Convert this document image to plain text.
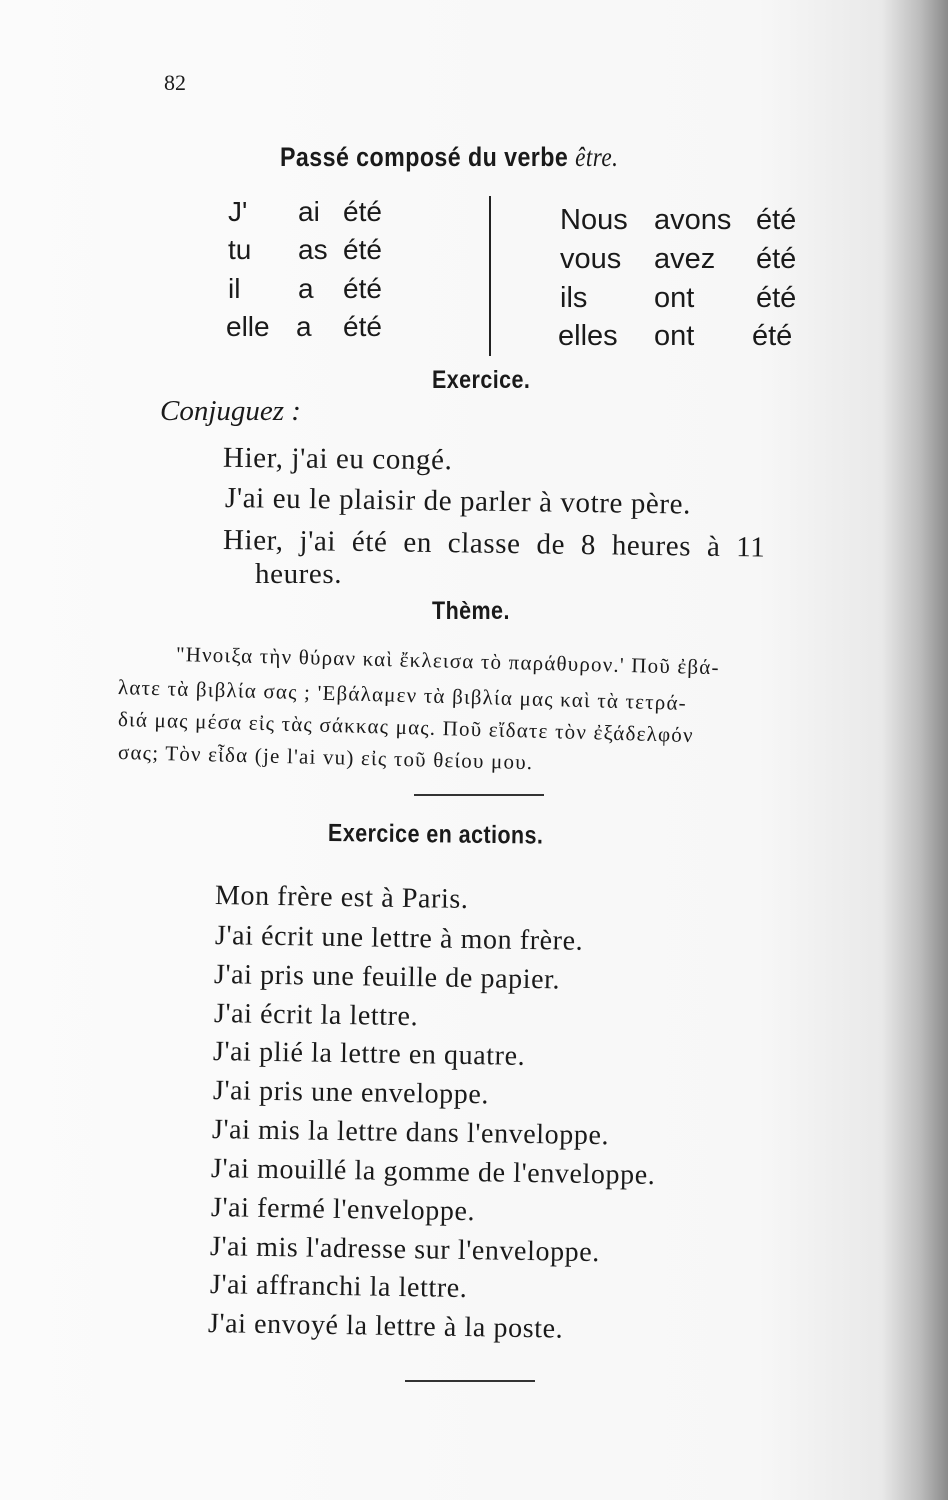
82
Passé composé du verbe être.
J' ai été
tu as été
il a été
elle a été
Nous avons été
vous avez été
ils ont été
elles ont été
Exercice.
Conjuguez :
Hier, j'ai eu congé.
J'ai eu le plaisir de parler à votre père.
Hier, j'ai été en classe de 8 heures à 11
heures.
Thème.
"Ηνοιξα τὴν θύραν καὶ ἔκλεισα τὸ παράθυρον.' Ποῦ ἐβά-
λατε τὰ βιβλία σας ; 'Εβάλαμεν τὰ βιβλία μας καὶ τὰ τετρά-
διά μας μέσα εἰς τὰς σάκκας μας. Ποῦ εἴδατε τὸν ἐξάδελφόν
σας; Τὸν εἶδα (je l'ai vu) εἰς τοῦ θείου μου.
Exercice en actions.
Mon frère est à Paris.
J'ai écrit une lettre à mon frère.
J'ai pris une feuille de papier.
J'ai écrit la lettre.
J'ai plié la lettre en quatre.
J'ai pris une enveloppe.
J'ai mis la lettre dans l'enveloppe.
J'ai mouillé la gomme de l'enveloppe.
J'ai fermé l'enveloppe.
J'ai mis l'adresse sur l'enveloppe.
J'ai affranchi la lettre.
J'ai envoyé la lettre à la poste.
